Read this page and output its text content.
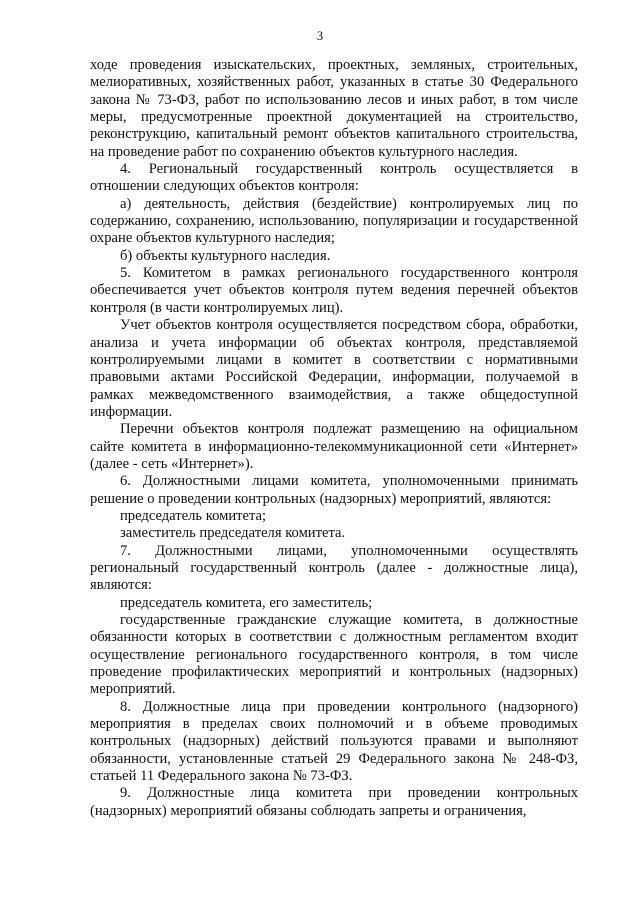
3

ходе проведения изыскательских, проектных, земляных, строительных, мелиоративных, хозяйственных работ, указанных в статье 30 Федерального закона № 73-ФЗ, работ по использованию лесов и иных работ, в том числе меры, предусмотренные проектной документацией на строительство, реконструкцию, капитальный ремонт объектов капитального строительства, на проведение работ по сохранению объектов культурного наследия.

4. Региональный государственный контроль осуществляется в отношении следующих объектов контроля:

а) деятельность, действия (бездействие) контролируемых лиц по содержанию, сохранению, использованию, популяризации и государственной охране объектов культурного наследия;

б) объекты культурного наследия.

5. Комитетом в рамках регионального государственного контроля обеспечивается учет объектов контроля путем ведения перечней объектов контроля (в части контролируемых лиц).

Учет объектов контроля осуществляется посредством сбора, обработки, анализа и учета информации об объектах контроля, представляемой контролируемыми лицами в комитет в соответствии с нормативными правовыми актами Российской Федерации, информации, получаемой в рамках межведомственного взаимодействия, а также общедоступной информации.

Перечни объектов контроля подлежат размещению на официальном сайте комитета в информационно-телекоммуникационной сети «Интернет» (далее - сеть «Интернет»).

6. Должностными лицами комитета, уполномоченными принимать решение о проведении контрольных (надзорных) мероприятий, являются:

председатель комитета;

заместитель председателя комитета.

7. Должностными лицами, уполномоченными осуществлять региональный государственный контроль (далее - должностные лица), являются:

председатель комитета, его заместитель;

государственные гражданские служащие комитета, в должностные обязанности которых в соответствии с должностным регламентом входит осуществление регионального государственного контроля, в том числе проведение профилактических мероприятий и контрольных (надзорных) мероприятий.

8. Должностные лица при проведении контрольного (надзорного) мероприятия в пределах своих полномочий и в объеме проводимых контрольных (надзорных) действий пользуются правами и выполняют обязанности, установленные статьей 29 Федерального закона № 248-ФЗ, статьей 11 Федерального закона № 73-ФЗ.

9. Должностные лица комитета при проведении контрольных (надзорных) мероприятий обязаны соблюдать запреты и ограничения,
